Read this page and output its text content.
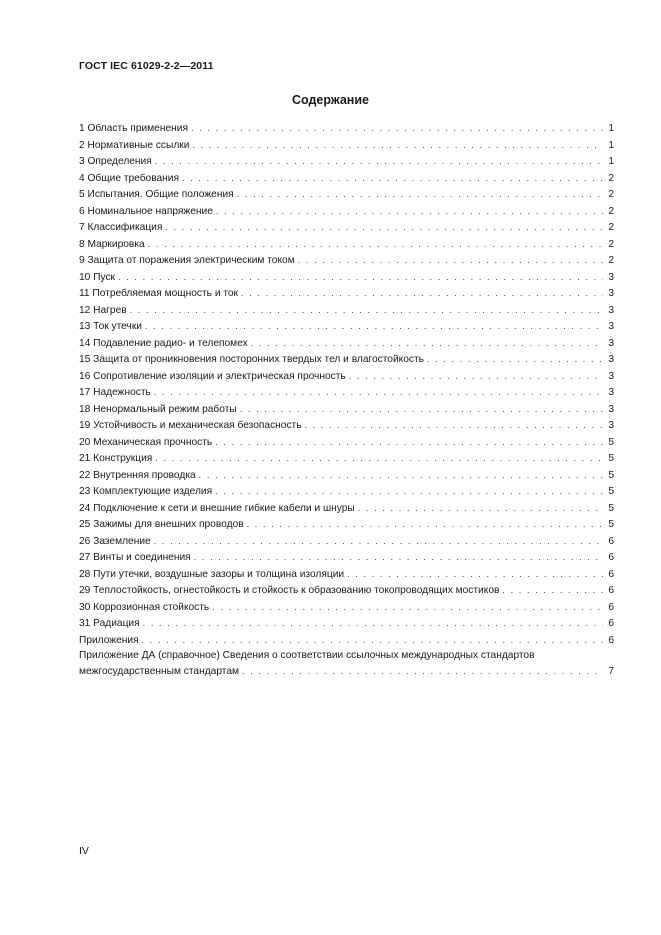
ГОСТ IEC 61029-2-2—2011
Содержание
1 Область применения . . .	1
2 Нормативные ссылки . . .	1
3 Определения . . .	1
4 Общие требования . . .	2
5 Испытания. Общие положения . . .	2
6 Номинальное напряжение . . .	2
7 Классификация . . .	2
8 Маркировка . . .	2
9 Защита от поражения электрическим током . . .	2
10 Пуск . . .	3
11 Потребляемая мощность и ток . . .	3
12 Нагрев . . .	3
13 Ток утечки . . .	3
14 Подавление радио- и телепомех . . .	3
15 Защита от проникновения посторонних твердых тел и влагостойкость . . .	3
16 Сопротивление изоляции и электрическая прочность . . .	3
17 Надежность . . .	3
18 Ненормальный режим работы . . .	3
19 Устойчивость и механическая безопасность . . .	3
20 Механическая прочность . . .	5
21 Конструкция . . .	5
22 Внутренняя проводка . . .	5
23 Комплектующие изделия . . .	5
24 Подключение к сети и внешние гибкие кабели и шнуры . . .	5
25 Зажимы для внешних проводов . . .	5
26 Заземление . . .	6
27 Винты и соединения . . .	6
28 Пути утечки, воздушные зазоры и толщина изоляции . . .	6
29 Теплостойкость, огнестойкость и стойкость к образованию токопроводящих мостиков . . .	6
30 Коррозионная стойкость . . .	6
31 Радиация . . .	6
Приложения . . .	6
Приложение ДА (справочное) Сведения о соответствии ссылочных международных стандартов
межгосударственным стандартам . . .	7
IV
